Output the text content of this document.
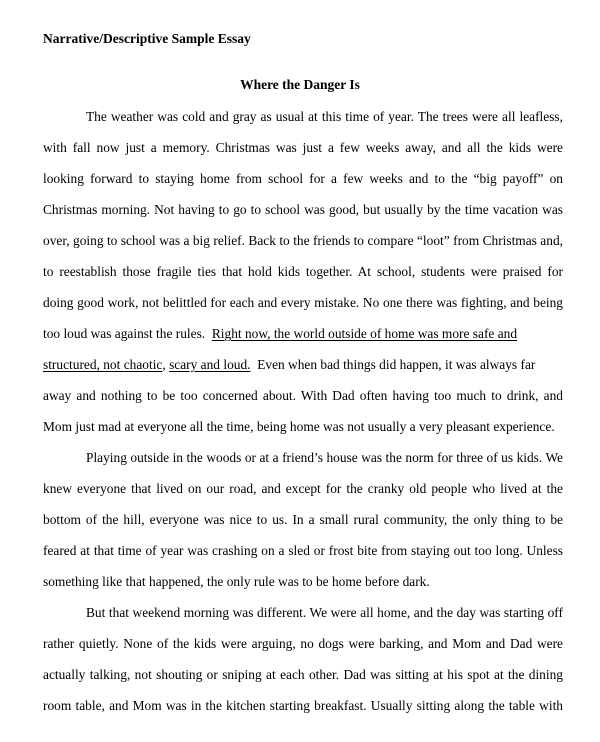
Narrative/Descriptive Sample Essay
Where the Danger Is
The weather was cold and gray as usual at this time of year. The trees were all leafless,
with fall now just a memory. Christmas was just a few weeks away, and all the kids were
looking forward to staying home from school for a few weeks and to the “big payoff” on
Christmas morning. Not having to go to school was good, but usually by the time vacation was
over, going to school was a big relief. Back to the friends to compare “loot” from Christmas and,
to reestablish those fragile ties that hold kids together. At school, students were praised for
doing good work, not belittled for each and every mistake. No one there was fighting, and being
too loud was against the rules.  Right now, the world outside of home was more safe and
structured, not chaotic, scary and loud.  Even when bad things did happen, it was always far
away and nothing to be too concerned about. With Dad often having too much to drink, and
Mom just mad at everyone all the time, being home was not usually a very pleasant experience.
Playing outside in the woods or at a friend’s house was the norm for three of us kids. We
knew everyone that lived on our road, and except for the cranky old people who lived at the
bottom of the hill, everyone was nice to us. In a small rural community, the only thing to be
feared at that time of year was crashing on a sled or frost bite from staying out too long. Unless
something like that happened, the only rule was to be home before dark.
But that weekend morning was different. We were all home, and the day was starting off
rather quietly. None of the kids were arguing, no dogs were barking, and Mom and Dad were
actually talking, not shouting or sniping at each other. Dad was sitting at his spot at the dining
room table, and Mom was in the kitchen starting breakfast. Usually sitting along the table with
